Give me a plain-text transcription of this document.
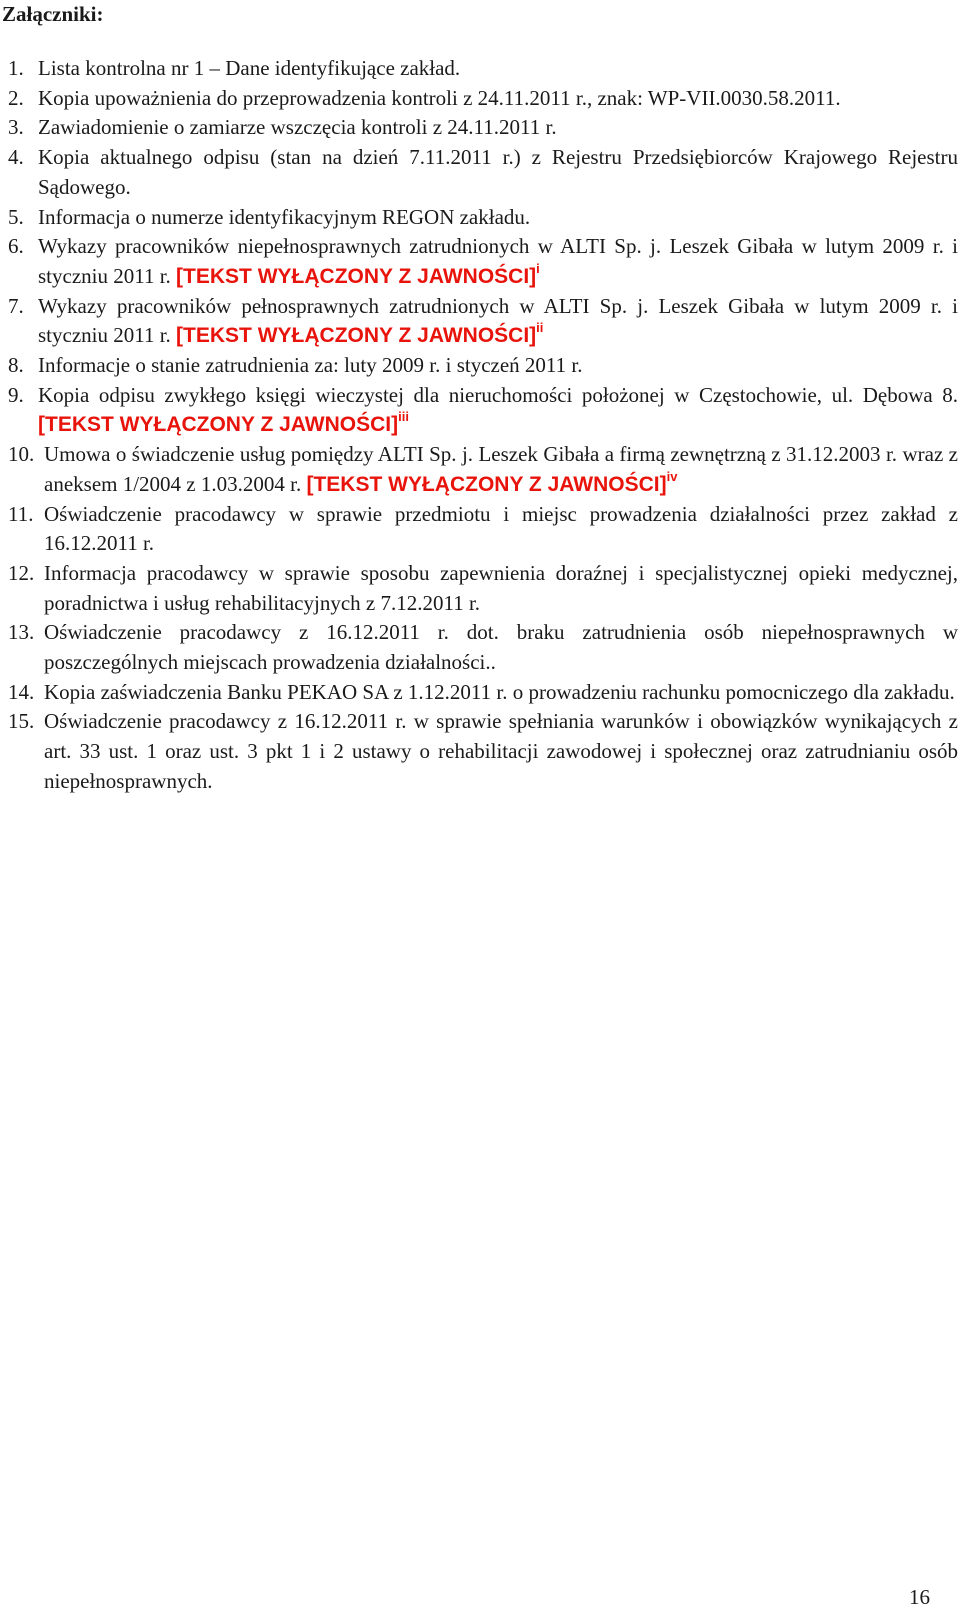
Załączniki:
1. Lista kontrolna nr 1 – Dane identyfikujące zakład.
2. Kopia upoważnienia do przeprowadzenia kontroli z 24.11.2011 r., znak: WP-VII.0030.58.2011.
3. Zawiadomienie o zamiarze wszczęcia kontroli z 24.11.2011 r.
4. Kopia aktualnego odpisu (stan na dzień 7.11.2011 r.) z Rejestru Przedsiębiorców Krajowego Rejestru Sądowego.
5. Informacja o numerze identyfikacyjnym REGON zakładu.
6. Wykazy pracowników niepełnosprawnych zatrudnionych w ALTI Sp. j. Leszek Gibała w lutym 2009 r. i styczniu 2011 r. [TEKST WYŁĄCZONY Z JAWNOŚCI]$^i$
7. Wykazy pracowników pełnosprawnych zatrudnionych w ALTI Sp. j. Leszek Gibała w lutym 2009 r. i styczniu 2011 r. [TEKST WYŁĄCZONY Z JAWNOŚCI]$^{ii}$
8. Informacje o stanie zatrudnienia za: luty 2009 r. i styczeń 2011 r.
9. Kopia odpisu zwykłego księgi wieczystej dla nieruchomości położonej w Częstochowie, ul. Dębowa 8. [TEKST WYŁĄCZONY Z JAWNOŚCI]$^{iii}$
10. Umowa o świadczenie usług pomiędzy ALTI Sp. j. Leszek Gibała a firmą zewnętrzną z 31.12.2003 r. wraz z aneksem 1/2004 z 1.03.2004 r. [TEKST WYŁĄCZONY Z JAWNOŚCI]$^{iv}$
11. Oświadczenie pracodawcy w sprawie przedmiotu i miejsc prowadzenia działalności przez zakład z 16.12.2011 r.
12. Informacja pracodawcy w sprawie sposobu zapewnienia doraźnej i specjalistycznej opieki medycznej, poradnictwa i usług rehabilitacyjnych z 7.12.2011 r.
13. Oświadczenie pracodawcy z 16.12.2011 r. dot. braku zatrudnienia osób niepełnosprawnych w poszczególnych miejscach prowadzenia działalności..
14. Kopia zaświadczenia Banku PEKAO SA z 1.12.2011 r. o prowadzeniu rachunku pomocniczego dla zakładu.
15. Oświadczenie pracodawcy z 16.12.2011 r. w sprawie spełniania warunków i obowiązków wynikających z art. 33 ust. 1 oraz ust. 3 pkt 1 i 2 ustawy o rehabilitacji zawodowej i społecznej oraz zatrudnianiu osób niepełnosprawnych.
16
